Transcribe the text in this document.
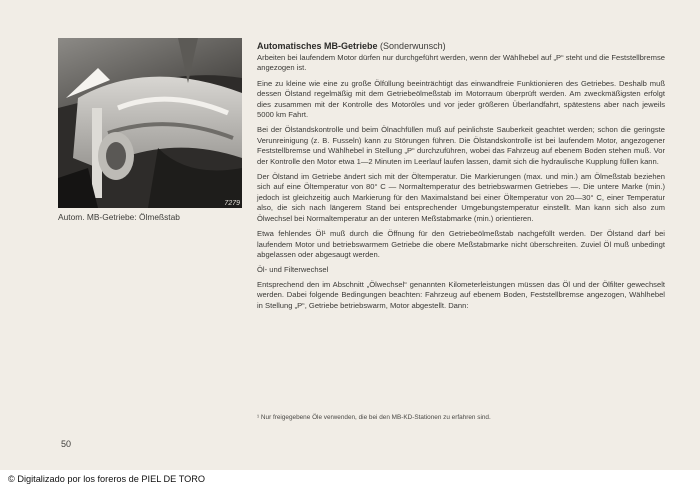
7279
Autom. MB-Getriebe: Ölmeßstab
Automatisches MB-Getriebe (Sonderwunsch)

Arbeiten bei laufendem Motor dürfen nur durchgeführt werden, wenn der Wählhebel auf „P“ steht und die Feststellbremse angezogen ist.

Eine zu kleine wie eine zu große Ölfüllung beeinträchtigt das einwandfreie Funktionieren des Getriebes. Deshalb muß dessen Ölstand regelmäßig mit dem Getriebeölmeßstab im Motorraum überprüft werden. Am zweckmäßigsten erfolgt dies zusammen mit der Kontrolle des Motoröles und vor jeder größeren Überlandfahrt, spätestens aber nach jeweils 5000 km Fahrt.

Bei der Ölstandskontrolle und beim Ölnachfüllen muß auf peinlichste Sauberkeit geachtet werden; schon die geringste Verunreinigung (z. B. Fusseln) kann zu Störungen führen. Die Ölstandskontrolle ist bei laufendem Motor, angezogener Feststellbremse und Wählhebel in Stellung „P“ durchzuführen, wobei das Fahrzeug auf ebenem Boden stehen muß. Vor der Kontrolle den Motor etwa 1—2 Minuten im Leerlauf laufen lassen, damit sich die hydraulische Kupplung füllen kann.

Der Ölstand im Getriebe ändert sich mit der Öltemperatur. Die Markierungen (max. und min.) am Ölmeßstab beziehen sich auf eine Öltemperatur von 80° C — Normaltemperatur des betriebswarmen Getriebes —. Die untere Marke (min.) jedoch ist gleichzeitig auch Markierung für den Maximalstand bei einer Öltemperatur von 20—30° C, einer Temperatur also, die sich nach längerem Stand bei entsprechender Umgebungstemperatur einstellt. Man kann sich also zum Ölwechsel bei Normaltemperatur an der unteren Meßstabmarke (min.) orientieren.

Etwa fehlendes Öl¹ muß durch die Öffnung für den Getriebeölmeßstab nachgefüllt werden. Der Ölstand darf bei laufendem Motor und betriebswarmem Getriebe die obere Meßstabmarke nicht überschreiten. Zuviel Öl muß unbedingt abgelassen oder abgesaugt werden.

Öl- und Filterwechsel

Entsprechend den im Abschnitt „Ölwechsel“ genannten Kilometerleistungen müssen das Öl und der Ölfilter gewechselt werden. Dabei folgende Bedingungen beachten: Fahrzeug auf ebenem Boden, Feststellbremse angezogen, Wählhebel in Stellung „P“, Getriebe betriebswarm, Motor abgestellt. Dann:

¹ Nur freigegebene Öle verwenden, die bei den MB-KD-Stationen zu erfahren sind.
50
© Digitalizado por los foreros de PIEL DE TORO
